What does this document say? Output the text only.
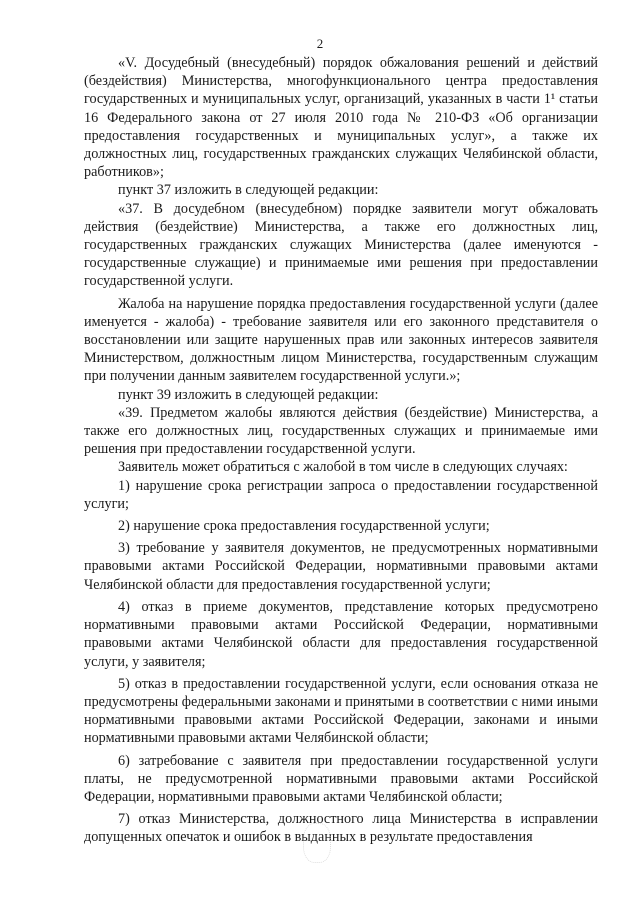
2

«V. Досудебный (внесудебный) порядок обжалования решений и действий (бездействия) Министерства, многофункционального центра предоставления государственных и муниципальных услуг, организаций, указанных в части 1¹ статьи 16 Федерального закона от 27 июля 2010 года № 210-ФЗ «Об организации предоставления государственных и муниципальных услуг», а также их должностных лиц, государственных гражданских служащих Челябинской области, работников»;

пункт 37 изложить в следующей редакции:

«37. В досудебном (внесудебном) порядке заявители могут обжаловать действия (бездействие) Министерства, а также его должностных лиц, государственных гражданских служащих Министерства (далее именуются - государственные служащие) и принимаемые ими решения при предоставлении государственной услуги.

Жалоба на нарушение порядка предоставления государственной услуги (далее именуется - жалоба) - требование заявителя или его законного представителя о восстановлении или защите нарушенных прав или законных интересов заявителя Министерством, должностным лицом Министерства, государственным служащим при получении данным заявителем государственной услуги.»;

пункт 39 изложить в следующей редакции:

«39. Предметом жалобы являются действия (бездействие) Министерства, а также его должностных лиц, государственных служащих и принимаемые ими решения при предоставлении государственной услуги.

Заявитель может обратиться с жалобой в том числе в следующих случаях:

1) нарушение срока регистрации запроса о предоставлении государственной услуги;

2) нарушение срока предоставления государственной услуги;

3) требование у заявителя документов, не предусмотренных нормативными правовыми актами Российской Федерации, нормативными правовыми актами Челябинской области для предоставления государственной услуги;

4) отказ в приеме документов, представление которых предусмотрено нормативными правовыми актами Российской Федерации, нормативными правовыми актами Челябинской области для предоставления государственной услуги, у заявителя;

5) отказ в предоставлении государственной услуги, если основания отказа не предусмотрены федеральными законами и принятыми в соответствии с ними иными нормативными правовыми актами Российской Федерации, законами и иными нормативными правовыми актами Челябинской области;

6) затребование с заявителя при предоставлении государственной услуги платы, не предусмотренной нормативными правовыми актами Российской Федерации, нормативными правовыми актами Челябинской области;

7) отказ Министерства, должностного лица Министерства в исправлении допущенных опечаток и ошибок в выданных в результате предоставления
